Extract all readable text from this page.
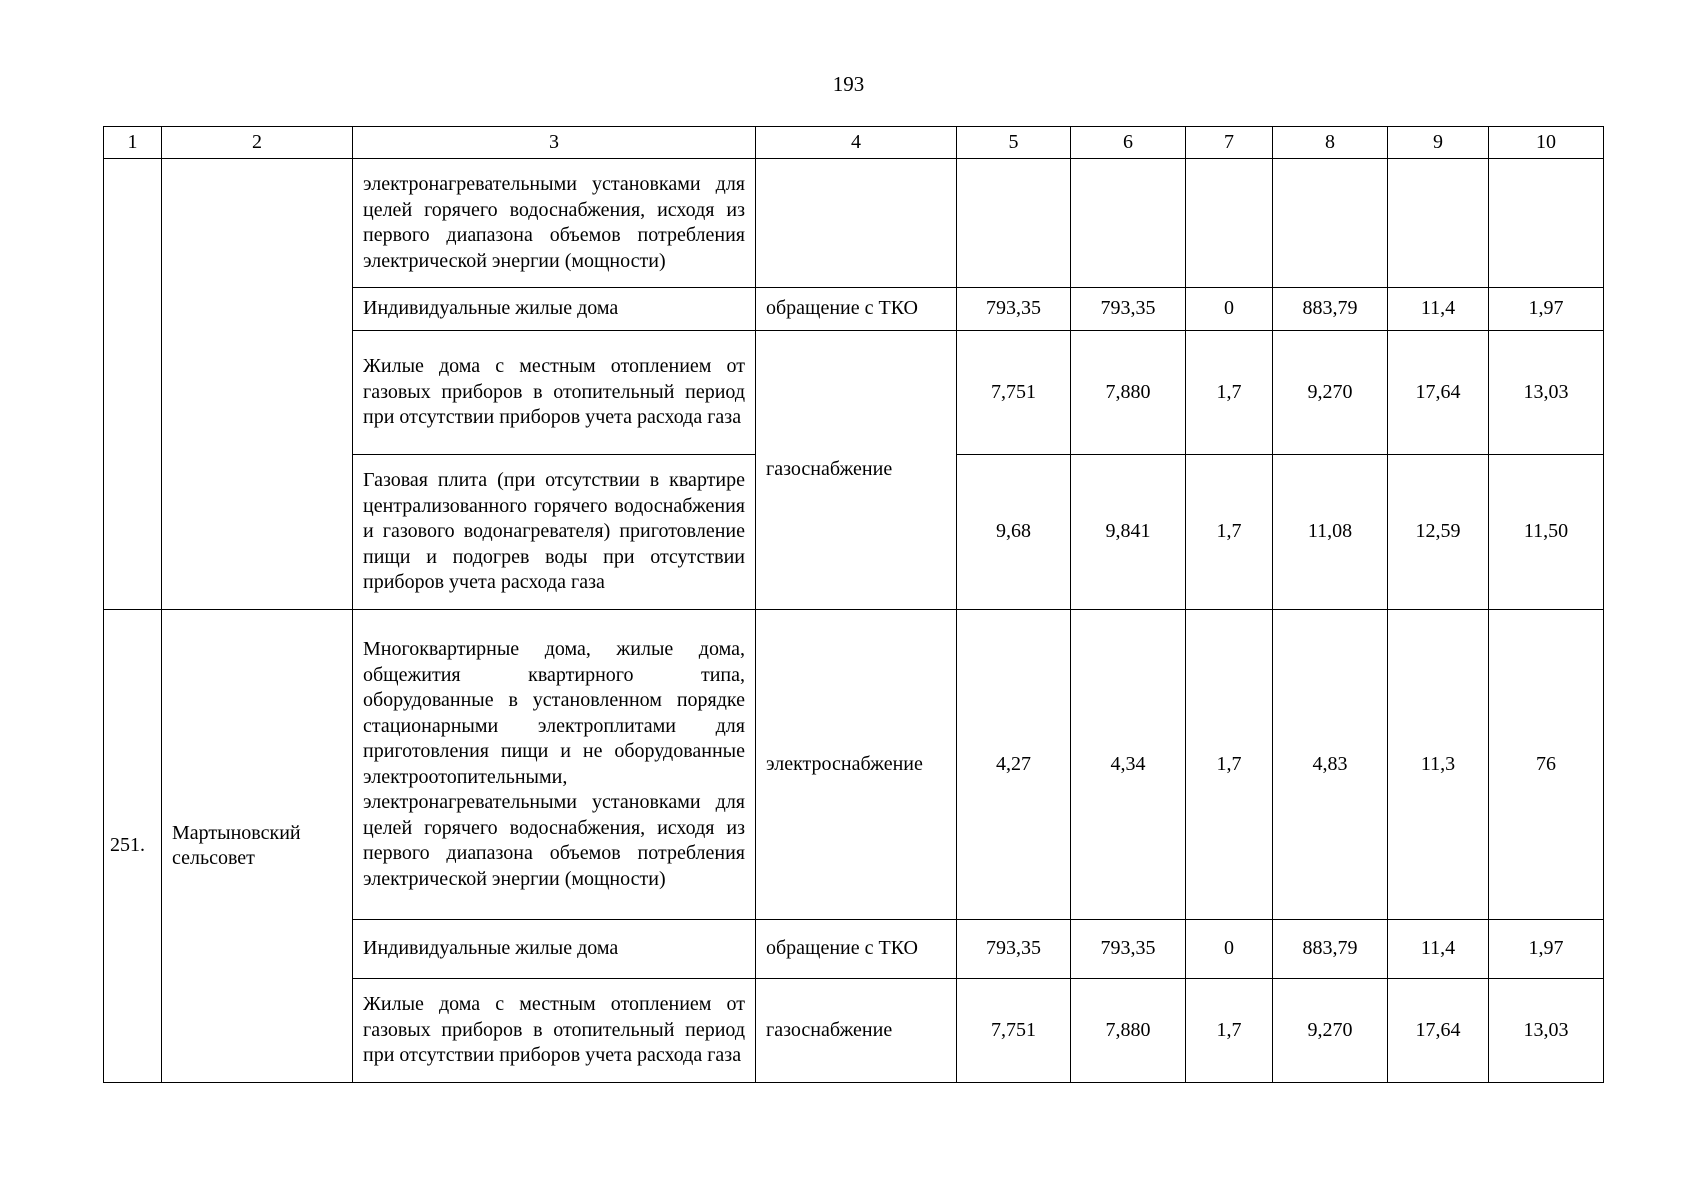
193
1	2	3	4	5	6	7	8	9	10
		электронагревательными установками для целей горячего водоснабжения, исходя из первого диапазона объемов потребления электрической энергии (мощности)							
		Индивидуальные жилые дома	обращение с ТКО	793,35	793,35	0	883,79	11,4	1,97
		Жилые дома с местным отоплением от газовых приборов в отопительный период при отсутствии приборов учета расхода газа	газоснабжение	7,751	7,880	1,7	9,270	17,64	13,03
		Газовая плита (при отсутствии в квартире централизованного горячего водоснабжения и газового водонагревателя) приготовление пищи и подогрев воды при отсутствии приборов учета расхода газа		9,68	9,841	1,7	11,08	12,59	11,50
251.	Мартыновский сельсовет	Многоквартирные дома, жилые дома, общежития квартирного типа, оборудованные в установленном порядке стационарными электроплитами для приготовления пищи и не оборудованные электроотопительными, электронагревательными установками для целей горячего водоснабжения, исходя из первого диапазона объемов потребления электрической энергии (мощности)	электроснабжение	4,27	4,34	1,7	4,83	11,3	76
		Индивидуальные жилые дома	обращение с ТКО	793,35	793,35	0	883,79	11,4	1,97
		Жилые дома с местным отоплением от газовых приборов в отопительный период при отсутствии приборов учета расхода газа	газоснабжение	7,751	7,880	1,7	9,270	17,64	13,03
